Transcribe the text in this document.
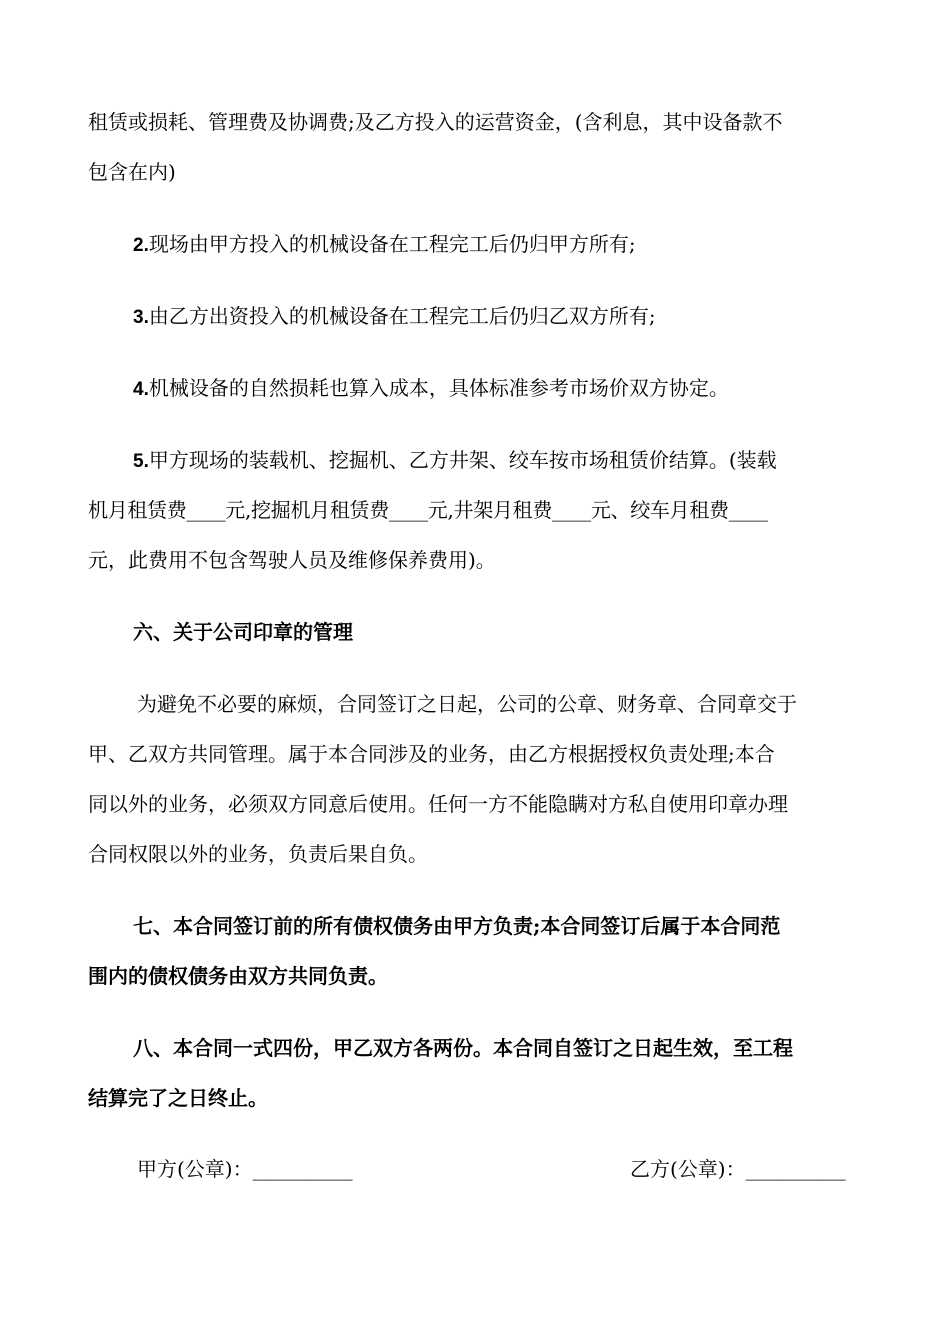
租赁或损耗、管理费及协调费;及乙方投入的运营资金，(含利息，其中设备款不
包含在内)
2.现场由甲方投入的机械设备在工程完工后仍归甲方所有;
3.由乙方出资投入的机械设备在工程完工后仍归乙双方所有;
4.机械设备的自然损耗也算入成本，具体标准参考市场价双方协定。
5.甲方现场的装载机、挖掘机、乙方井架、绞车按市场租赁价结算。(装载
机月租赁费____元,挖掘机月租赁费____元,井架月租费____元、绞车月租费____
元，此费用不包含驾驶人员及维修保养费用)。
六、关于公司印章的管理
为避免不必要的麻烦，合同签订之日起，公司的公章、财务章、合同章交于
甲、乙双方共同管理。属于本合同涉及的业务，由乙方根据授权负责处理;本合
同以外的业务，必须双方同意后使用。任何一方不能隐瞒对方私自使用印章办理
合同权限以外的业务，负责后果自负。
七、本合同签订前的所有债权债务由甲方负责;本合同签订后属于本合同范
围内的债权债务由双方共同负责。
八、本合同一式四份，甲乙双方各两份。本合同自签订之日起生效，至工程
结算完了之日终止。
甲方(公章)：__________	乙方(公章)：__________
